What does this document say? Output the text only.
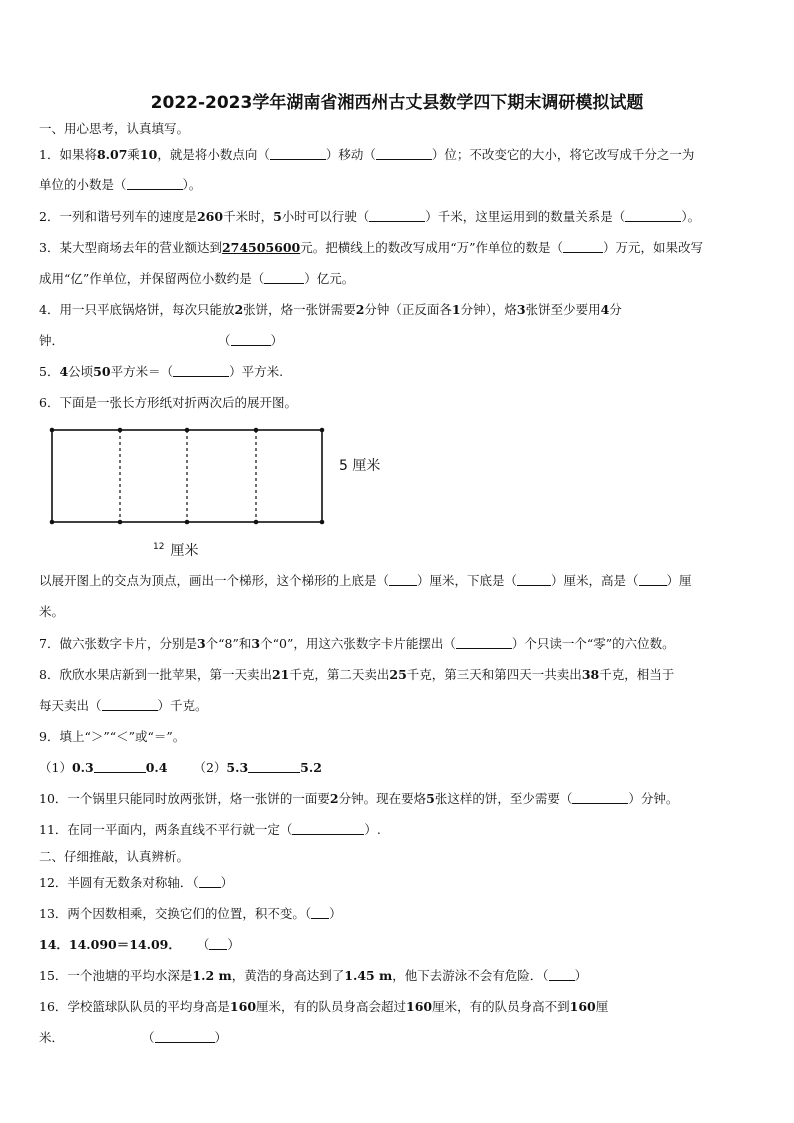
2022-2023学年湖南省湘西州古丈县数学四下期末调研模拟试题
一、用心思考，认真填写。
1．如果将8.07乘10，就是将小数点向（	）移动（	）位；不改变它的大小，将它改写成千分之一为
单位的小数是（	）。
2．一列和谐号列车的速度是260千米时，5小时可以行驶（	）千米，这里运用到的数量关系是（	）。
3．某大型商场去年的营业额达到274505600元。把横线上的数改写成用“万”作单位的数是（	）万元，如果改写
成用“亿”作单位，并保留两位小数约是（	）亿元。
4．用一只平底锅烙饼，每次只能放2张饼，烙一张饼需要2分钟（正反面各1分钟），烙3张饼至少要用4分
钟．	（	）
5．4公顷50平方米＝（	）平方米.
6．下面是一张长方形纸对折两次后的展开图。
5 厘米
$^{12}$ 厘米
以展开图上的交点为顶点，画出一个梯形，这个梯形的上底是（ ）厘米，下底是（	）厘米，高是（ ）厘
米。
7．做六张数字卡片，分别是3个“8”和3个“0”，用这六张数字卡片能摆出（	）个只读一个“零”的六位数。
8．欣欣水果店新到一批苹果，第一天卖出21千克，第二天卖出25千克，第三天和第四天一共卖出38千克，相当于
每天卖出（	）千克。
9．填上“＞”“＜”或“＝”。
（1）0.3	0.4 （2）5.3	5.2
10．一个锅里只能同时放两张饼，烙一张饼的一面要2分钟。现在要烙5张这样的饼，至少需要（	）分钟。
11．在同一平面内，两条直线不平行就一定（	）.
二、仔细推敲，认真辨析。
12．半圆有无数条对称轴．（ ）
13．两个因数相乘，交换它们的位置，积不变。（ ）
14．14.090＝14.09． （ ）
15．一个池塘的平均水深是1.2 m，黄浩的身高达到了1.45 m，他下去游泳不会有危险．（ ）
16．学校篮球队队员的平均身高是160厘米，有的队员身高会超过160厘米，有的队员身高不到160厘
米．	（	）
